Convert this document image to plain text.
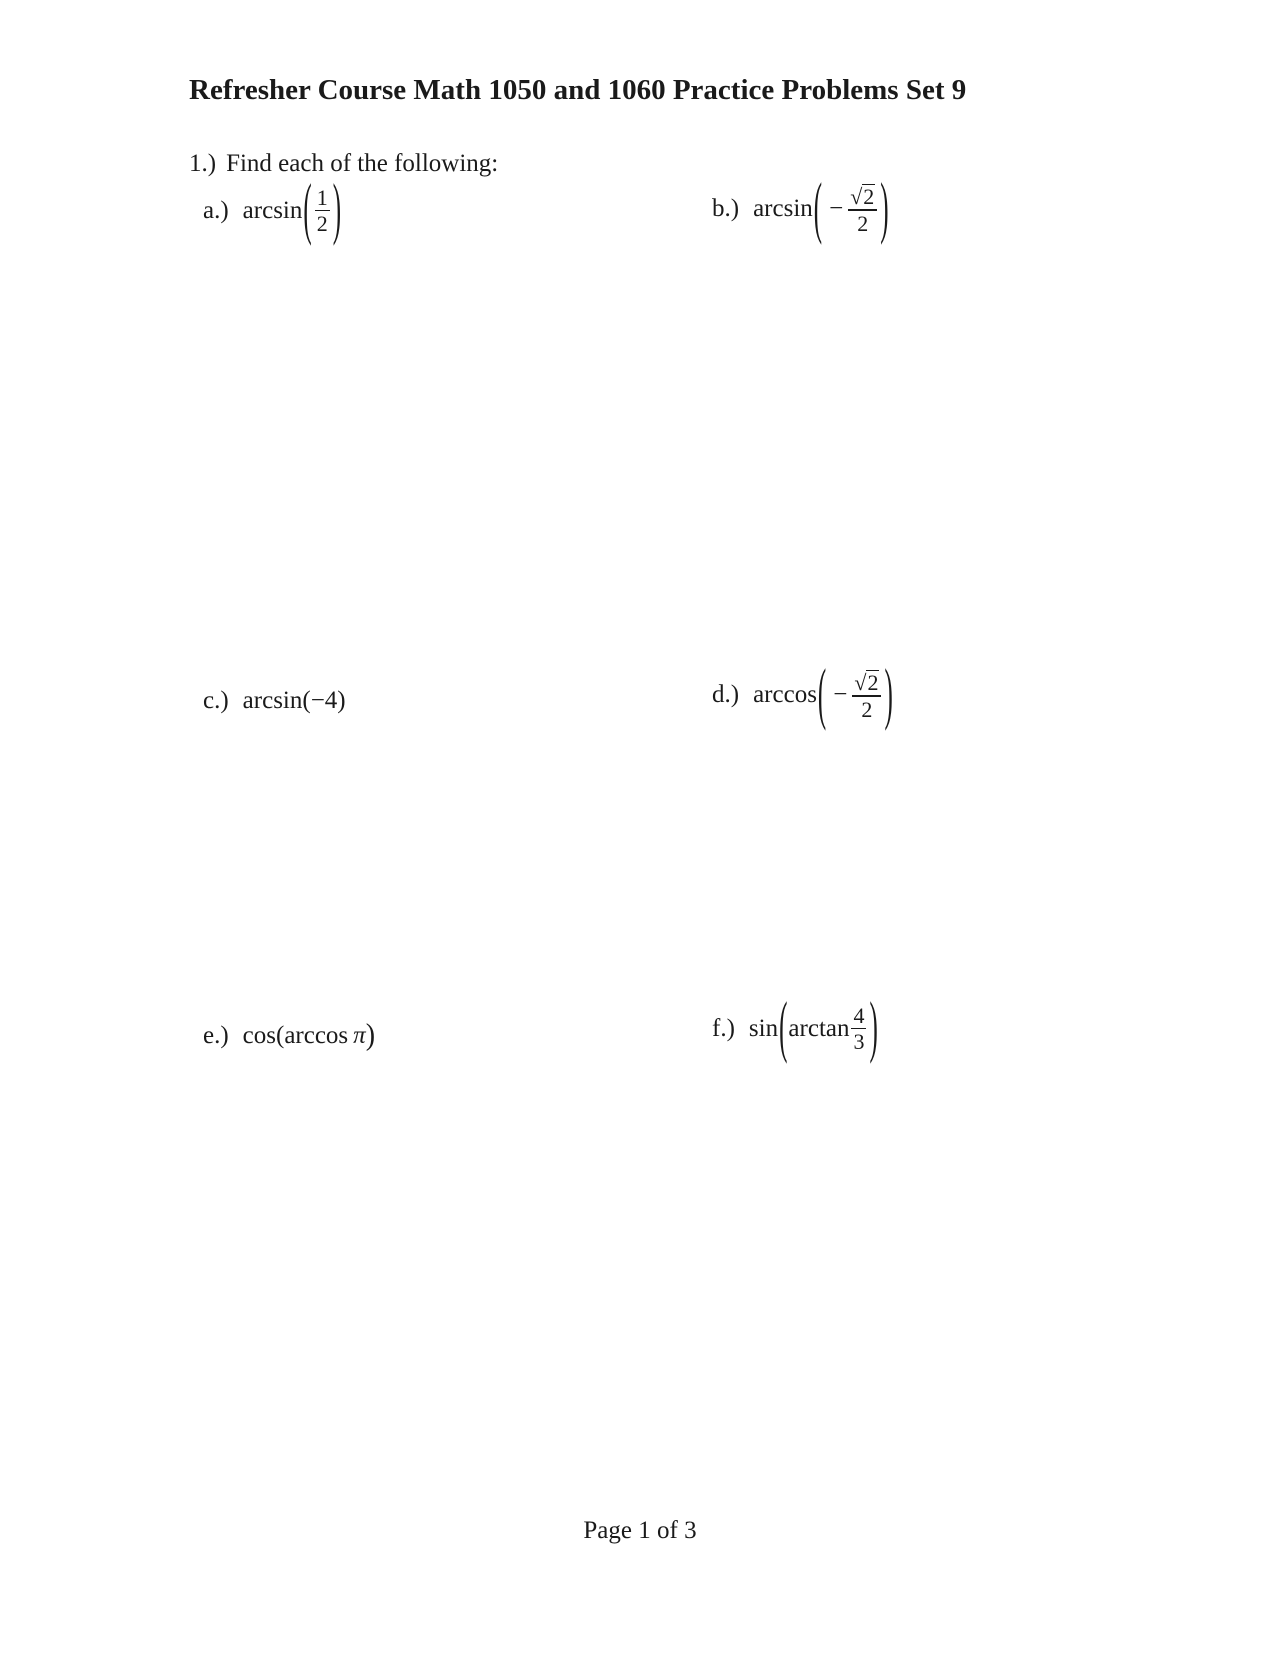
Refresher Course Math 1050 and 1060 Practice Problems Set 9
1.) Find each of the following:
a.) arcsin ( $\frac{1}{2}$ )	b.) arcsin ( − $\frac{√ 2}{2}$ )
c.) arcsin(−4)	d.) arccos ( − $\frac{√ 2}{2}$ )
e.) cos(arccos π )	f.) sin ( $\arctan \frac{4}{3}$ )
Page 1 of 3
